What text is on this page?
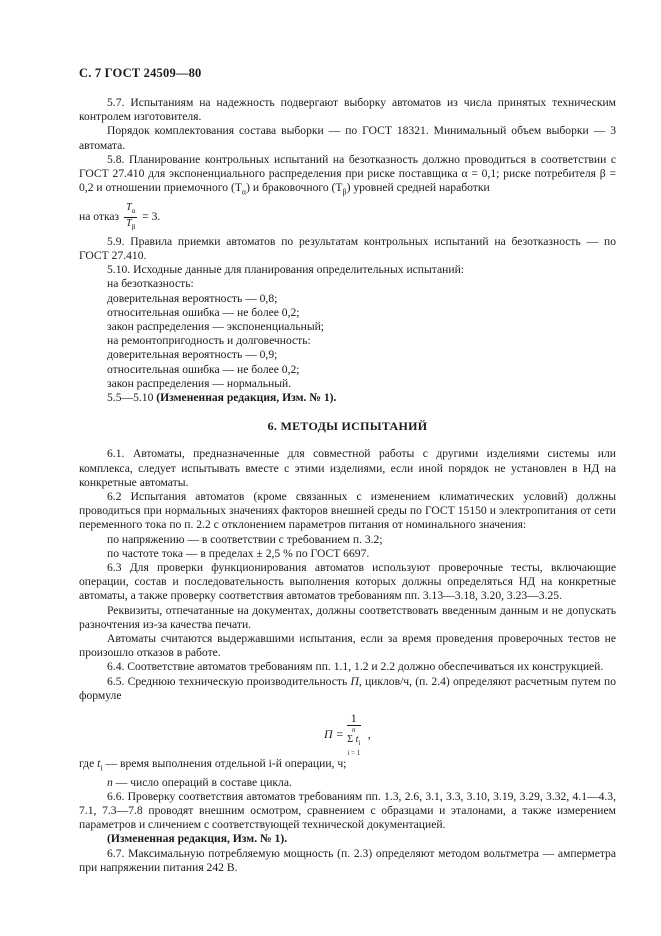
С. 7 ГОСТ 24509—80

5.7. Испытаниям на надежность подвергают выборку автоматов из числа принятых техническим контролем изготовителя.

Порядок комплектования состава выборки — по ГОСТ 18321. Минимальный объем выборки — 3 автомата.

5.8. Планирование контрольных испытаний на безотказность должно проводиться в соответствии с ГОСТ 27.410 для экспоненциального распределения при риске поставщика α = 0,1; риске потребителя β = 0,2 и отношении приемочного $(T_\alpha)$ и браковочного $(T_\beta)$ уровней средней наработки

на отказ $\frac{T_\alpha}{T_\beta} = 3$.

5.9. Правила приемки автоматов по результатам контрольных испытаний на безотказность — по ГОСТ 27.410.

5.10. Исходные данные для планирования определительных испытаний:

на безотказность:

доверительная вероятность — 0,8;

относительная ошибка — не более 0,2;

закон распределения — экспоненциальный;

на ремонтопригодность и долговечность:

доверительная вероятность — 0,9;

относительная ошибка — не более 0,2;

закон распределения — нормальный.

5.5—5.10 (Измененная редакция, Изм. № 1).

6. МЕТОДЫ ИСПЫТАНИЙ

6.1. Автоматы, предназначенные для совместной работы с другими изделиями системы или комплекса, следует испытывать вместе с этими изделиями, если иной порядок не установлен в НД на конкретные автоматы.

6.2 Испытания автоматов (кроме связанных с изменением климатических условий) должны проводиться при нормальных значениях факторов внешней среды по ГОСТ 15150 и электропитания от сети переменного тока по п. 2.2 с отклонением параметров питания от номинального значения:

по напряжению — в соответствии с требованием п. 3.2;

по частоте тока — в пределах ± 2,5 % по ГОСТ 6697.

6.3 Для проверки функционирования автоматов используют проверочные тесты, включающие операции, состав и последовательность выполнения которых должны определяться НД на конкретные автоматы, а также проверку соответствия автоматов требованиям пп. 3.13—3.18, 3.20, 3.23—3.25.

Реквизиты, отпечатанные на документах, должны соответствовать введенным данным и не допускать разночтения из-за качества печати.

Автоматы считаются выдержавшими испытания, если за время проведения проверочных тестов не произошло отказов в работе.

6.4. Соответствие автоматов требованиям пп. 1.1, 1.2 и 2.2 должно обеспечиваться их конструкцией.

6.5. Среднюю техническую производительность П, циклов/ч, (п. 2.4) определяют расчетным путем по формуле

П =
1
n
Σ $t_i$
i = 1
,

где $t_i$ — время выполнения отдельной i-й операции, ч;

n — число операций в составе цикла.

6.6. Проверку соответствия автоматов требованиям пп. 1.3, 2.6, 3.1, 3.3, 3.10, 3.19, 3.29, 3.32, 4.1—4.3, 7.1, 7.3—7.8 проводят внешним осмотром, сравнением с образцами и эталонами, а также измерением параметров и сличением с соответствующей технической документацией.

(Измененная редакция, Изм. № 1).

6.7. Максимальную потребляемую мощность (п. 2.3) определяют методом вольтметра — амперметра при напряжении питания 242 В.
